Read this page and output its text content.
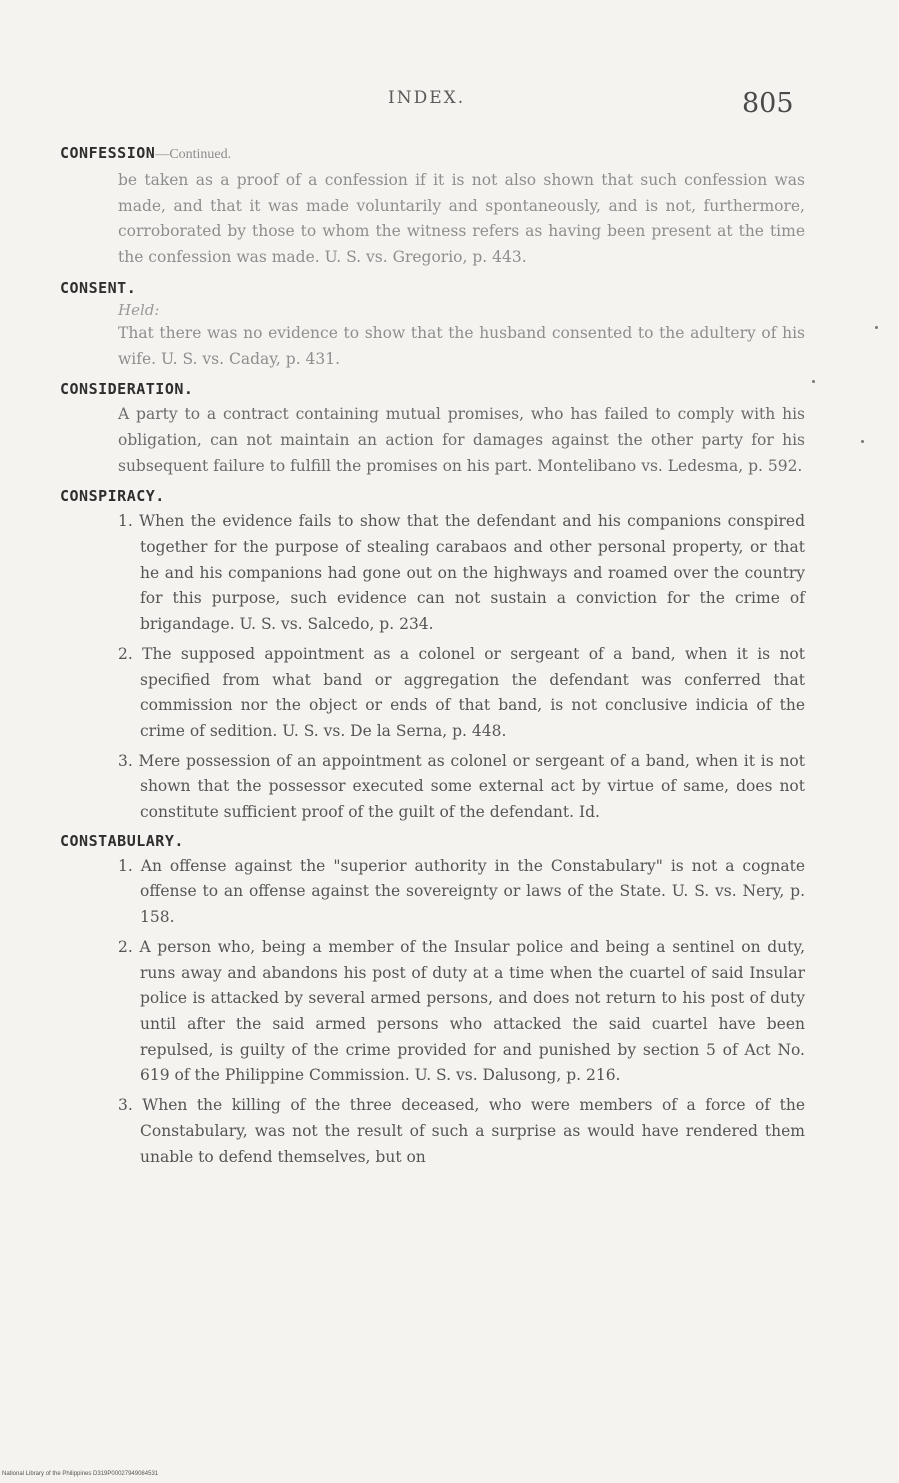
INDEX.	805

CONFESSION—Continued.

be taken as a proof of a confession if it is not also shown that such confession was made, and that it was made voluntarily and spontaneously, and is not, furthermore, corroborated by those to whom the witness refers as having been present at the time the confession was made. U. S. vs. Gregorio, p. 443.

CONSENT.

Held:

That there was no evidence to show that the husband consented to the adultery of his wife. U. S. vs. Caday, p. 431.

CONSIDERATION.

A party to a contract containing mutual promises, who has failed to comply with his obligation, can not maintain an action for damages against the other party for his subsequent failure to fulfill the promises on his part. Montelibano vs. Ledesma, p. 592.

CONSPIRACY.

1. When the evidence fails to show that the defendant and his companions conspired together for the purpose of stealing carabaos and other personal property, or that he and his companions had gone out on the highways and roamed over the country for this purpose, such evidence can not sustain a conviction for the crime of brigandage. U. S. vs. Salcedo, p. 234.

2. The supposed appointment as a colonel or sergeant of a band, when it is not specified from what band or aggregation the defendant was conferred that commission nor the object or ends of that band, is not conclusive indicia of the crime of sedition. U. S. vs. De la Serna, p. 448.

3. Mere possession of an appointment as colonel or sergeant of a band, when it is not shown that the possessor executed some external act by virtue of same, does not constitute sufficient proof of the guilt of the defendant. Id.

CONSTABULARY.

1. An offense against the "superior authority in the Constabulary" is not a cognate offense to an offense against the sovereignty or laws of the State. U. S. vs. Nery, p. 158.

2. A person who, being a member of the Insular police and being a sentinel on duty, runs away and abandons his post of duty at a time when the cuartel of said Insular police is attacked by several armed persons, and does not return to his post of duty until after the said armed persons who attacked the said cuartel have been repulsed, is guilty of the crime provided for and punished by section 5 of Act No. 619 of the Philippine Commission. U. S. vs. Dalusong, p. 216.

3. When the killing of the three deceased, who were members of a force of the Constabulary, was not the result of such a surprise as would have rendered them unable to defend themselves, but on

National Library of the Philippines D319P00027949084531
